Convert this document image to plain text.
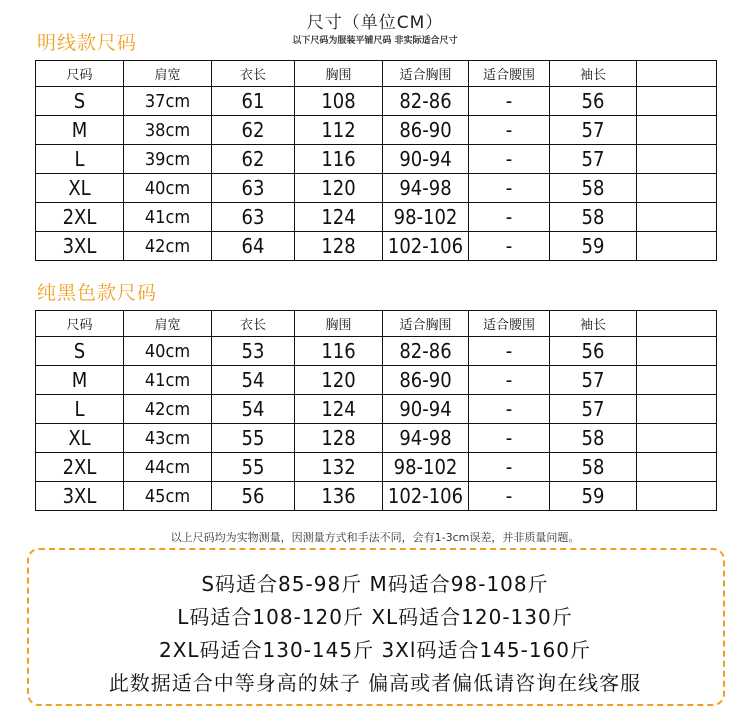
尺寸（单位CM）
以下尺码为服装平铺尺码 非实际适合尺寸
明线款尺码
尺码	肩宽	衣长	胸围	适合胸围	适合腰围	袖长	
S	37cm	61	108	82-86	-	56	
M	38cm	62	112	86-90	-	57	
L	39cm	62	116	90-94	-	57	
XL	40cm	63	120	94-98	-	58	
2XL	41cm	63	124	98-102	-	58	
3XL	42cm	64	128	102-106	-	59	
纯黑色款尺码
尺码	肩宽	衣长	胸围	适合胸围	适合腰围	袖长	
S	40cm	53	116	82-86	-	56	
M	41cm	54	120	86-90	-	57	
L	42cm	54	124	90-94	-	57	
XL	43cm	55	128	94-98	-	58	
2XL	44cm	55	132	98-102	-	58	
3XL	45cm	56	136	102-106	-	59	
以上尺码均为实物测量，因测量方式和手法不同，会有1-3cm误差，并非质量问题。
S码适合85-98斤 M码适合98-108斤
L码适合108-120斤 XL码适合120-130斤
2XL码适合130-145斤 3Xl码适合145-160斤
此数据适合中等身高的妹子 偏高或者偏低请咨询在线客服
